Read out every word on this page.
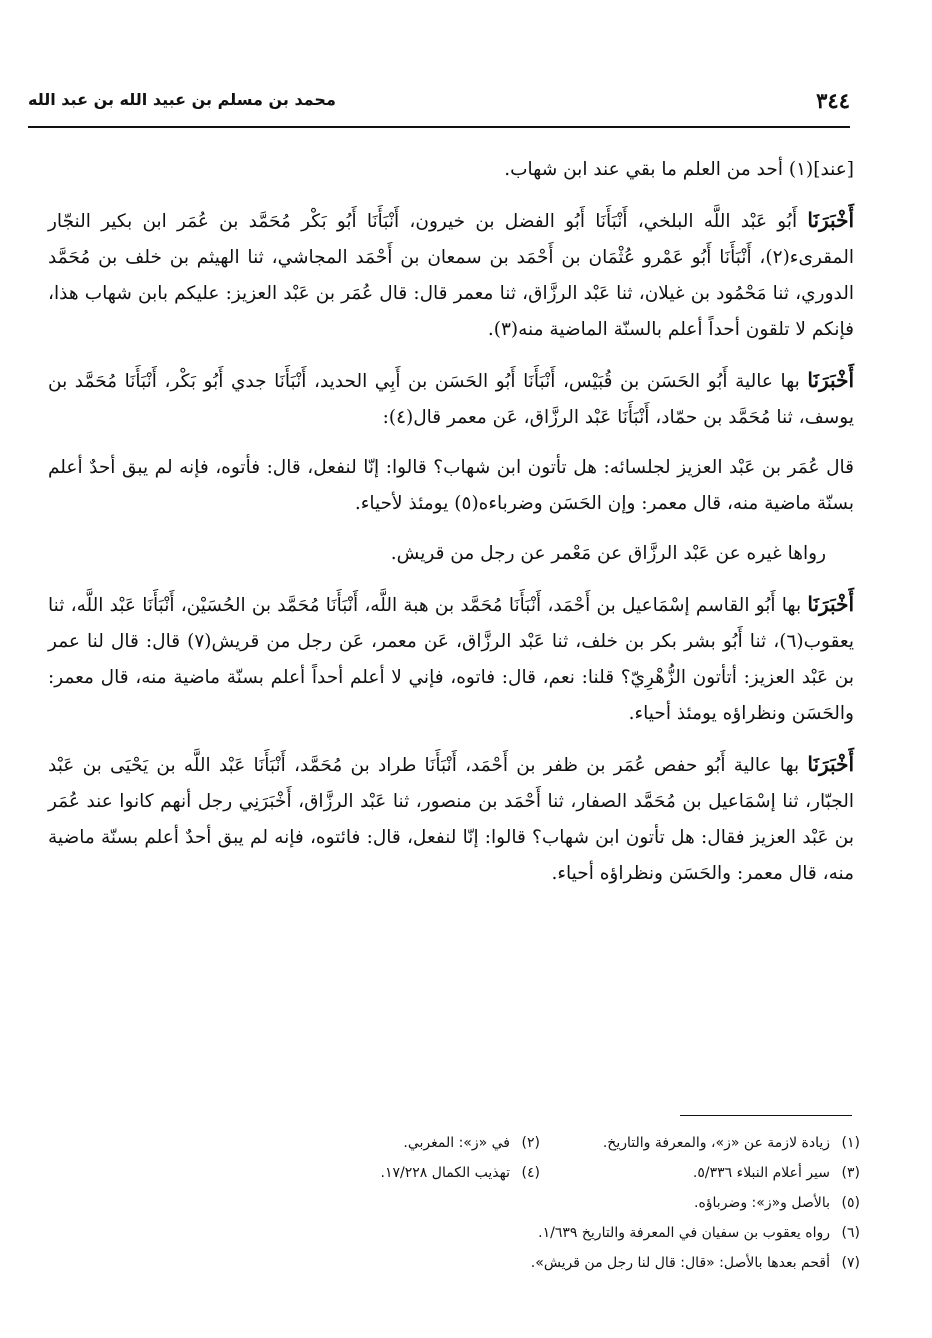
٣٤٤
محمد بن مسلم بن عبيد الله بن عبد الله

[عند](١) أحد من العلم ما بقي عند ابن شهاب.

أَخْبَرَنَا أَبُو عَبْد اللَّه البلخي، أَنْبَأَنَا أَبُو الفضل بن خيرون، أَنْبَأَنَا أَبُو بَكْر مُحَمَّد بن عُمَر ابن بكير النجّار المقرىء(٢)، أَنْبَأَنَا أَبُو عَمْرو عُثْمَان بن أَحْمَد بن سمعان بن أَحْمَد المجاشي، ثنا الهيثم بن خلف بن مُحَمَّد الدوري، ثنا مَحْمُود بن غيلان، ثنا عَبْد الرزَّاق، ثنا معمر قال: قال عُمَر بن عَبْد العزيز: عليكم بابن شهاب هذا، فإنكم لا تلقون أحداً أعلم بالسنّة الماضية منه(٣).

أَخْبَرَنَا بها عالية أَبُو الحَسَن بن قُبَيْس، أَنْبَأَنَا أَبُو الحَسَن بن أَبِي الحديد، أَنْبَأَنَا جدي أَبُو بَكْر، أَنْبَأَنَا مُحَمَّد بن يوسف، ثنا مُحَمَّد بن حمّاد، أَنْبَأَنَا عَبْد الرزَّاق، عَن معمر قال(٤):

قال عُمَر بن عَبْد العزيز لجلسائه: هل تأتون ابن شهاب؟ قالوا: إنّا لنفعل، قال: فأتوه، فإنه لم يبق أحدٌ أعلم بسنّة ماضية منه، قال معمر: وإن الحَسَن وضرباءه(٥) يومئذ لأحياء.

رواها غيره عن عَبْد الرزَّاق عن مَعْمر عن رجل من قريش.

أَخْبَرَنَا بها أَبُو القاسم إسْمَاعيل بن أَحْمَد، أَنْبَأَنَا مُحَمَّد بن هبة اللَّه، أَنْبَأَنَا مُحَمَّد بن الحُسَيْن، أَنْبَأَنَا عَبْد اللَّه، ثنا يعقوب(٦)، ثنا أَبُو بشر بكر بن خلف، ثنا عَبْد الرزَّاق، عَن معمر، عَن رجل من قريش(٧) قال: قال لنا عمر بن عَبْد العزيز: أتأتون الزُّهْرِيّ؟ قلنا: نعم، قال: فاتوه، فإني لا أعلم أحداً أعلم بسنّة ماضية منه، قال معمر: والحَسَن ونظراؤه يومئذ أحياء.

أَخْبَرَنَا بها عالية أَبُو حفص عُمَر بن ظفر بن أَحْمَد، أَنْبَأَنَا طراد بن مُحَمَّد، أَنْبَأَنَا عَبْد اللَّه بن يَحْيَى بن عَبْد الجبّار، ثنا إسْمَاعيل بن مُحَمَّد الصفار، ثنا أَحْمَد بن منصور، ثنا عَبْد الرزَّاق، أَخْبَرَنِي رجل أنهم كانوا عند عُمَر بن عَبْد العزيز فقال: هل تأتون ابن شهاب؟ قالوا: إنّا لنفعل، قال: فائتوه، فإنه لم يبق أحدٌ أعلم بسنّة ماضية منه، قال معمر: والحَسَن ونظراؤه أحياء.

(١)زيادة لازمة عن «ز»، والمعرفة والتاريخ.
(٢)في «ز»: المغربي.
(٣)سير أعلام النبلاء ٥/٣٣٦.
(٤)تهذيب الكمال ١٧/٢٢٨.
(٥)بالأصل و«ز»: وضرباؤه.
(٦)رواه يعقوب بن سفيان في المعرفة والتاريخ ١/٦٣٩.
(٧)أقحم بعدها بالأصل: «قال: قال لنا رجل من قريش».
